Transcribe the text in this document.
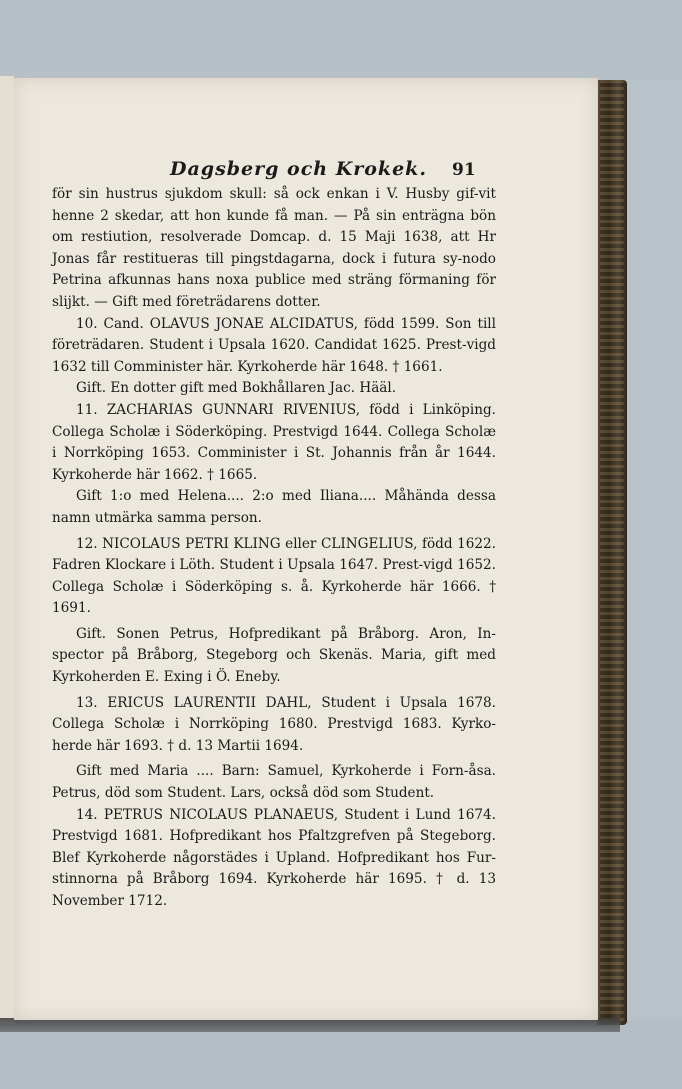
Dagsberg och Krokek. 91

för sin hustrus sjukdom skull: så ock enkan i V. Husby gif-vit henne 2 skedar, att hon kunde få man. — På sin enträgna bön om restiution, resolverade Domcap. d. 15 Maji 1638, att Hr Jonas får restitueras till pingstdagarna, dock i futura sy-nodo Petrina afkunnas hans noxa publice med sträng förmaning för slijkt. — Gift med företrädarens dotter.

10. Cand. OLAVUS JONAE ALCIDATUS, född 1599. Son till företrädaren. Student i Upsala 1620. Candidat 1625. Prest-vigd 1632 till Comminister här. Kyrkoherde här 1648. † 1661.

Gift. En dotter gift med Bokhållaren Jac. Hääl.

11. ZACHARIAS GUNNARI RIVENIUS, född i Linköping. Collega Scholæ i Söderköping. Prestvigd 1644. Collega Scholæ i Norrköping 1653. Comminister i St. Johannis från år 1644. Kyrkoherde här 1662. † 1665.

Gift 1:o med Helena.... 2:o med Iliana.... Måhända dessa namn utmärka samma person.

12. NICOLAUS PETRI KLING eller CLINGELIUS, född 1622. Fadren Klockare i Löth. Student i Upsala 1647. Prest-vigd 1652. Collega Scholæ i Söderköping s. å. Kyrkoherde här 1666. † 1691.

Gift. Sonen Petrus, Hofpredikant på Bråborg. Aron, In-spector på Bråborg, Stegeborg och Skenäs. Maria, gift med Kyrkoherden E. Exing i Ö. Eneby.

13. ERICUS LAURENTII DAHL, Student i Upsala 1678. Collega Scholæ i Norrköping 1680. Prestvigd 1683. Kyrko-herde här 1693. † d. 13 Martii 1694.

Gift med Maria .... Barn: Samuel, Kyrkoherde i Forn-åsa. Petrus, död som Student. Lars, också död som Student.

14. PETRUS NICOLAUS PLANAEUS, Student i Lund 1674. Prestvigd 1681. Hofpredikant hos Pfaltzgrefven på Stegeborg. Blef Kyrkoherde någorstädes i Upland. Hofpredikant hos Fur-stinnorna på Bråborg 1694. Kyrkoherde här 1695. † d. 13 November 1712.
